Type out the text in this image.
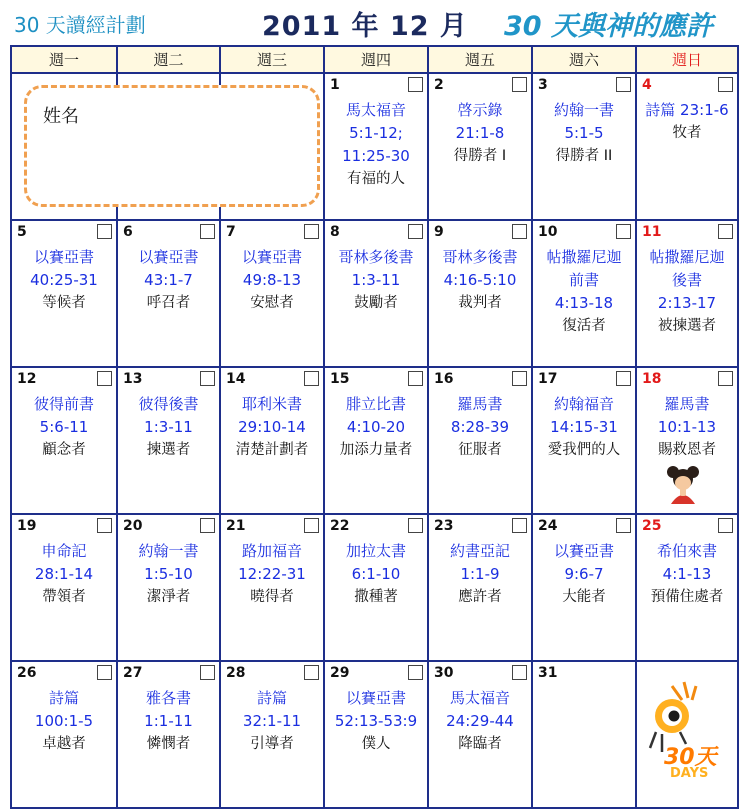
30 天讀經計劃	2011 年 12 月 30 天與神的應許
週一	週二	週三	週四	週五	週六	週日

			1
馬太福音
5:1-12;
11:25-30
有福的人	2
啓示錄
21:1-8
得勝者 I	3
約翰一書
5:1-5
得勝者 II	4
詩篇 23:1-6
牧者

5
以賽亞書
40:25-31
等候者	6
以賽亞書
43:1-7
呼召者	7
以賽亞書
49:8-13
安慰者	8
哥林多後書
1:3-11
鼓勵者	9
哥林多後書
4:16-5:10
裁判者	10
帖撒羅尼迦
前書
4:13-18
復活者	11
帖撒羅尼迦
後書
2:13-17
被揀選者

12
彼得前書
5:6-11
顧念者	13
彼得後書
1:3-11
揀選者	14
耶利米書
29:10-14
清楚計劃者	15
腓立比書
4:10-20
加添力量者	16
羅馬書
8:28-39
征服者	17
約翰福音
14:15-31
愛我們的人	18
羅馬書
10:1-13
賜救恩者

19
申命記
28:1-14
帶領者	20
約翰一書
1:5-10
潔淨者	21
路加福音
12:22-31
曉得者	22
加拉太書
6:1-10
撒種著	23
約書亞記
1:1-9
應許者	24
以賽亞書
9:6-7
大能者	25
希伯來書
4:1-13
預備住處者

26
詩篇
100:1-5
卓越者	27
雅各書
1:1-11
憐憫者	28
詩篇
32:1-11
引導者	29
以賽亞書
52:13-53:9
僕人	30
馬太福音
24:29-44
降臨者	31	

姓名
30天
DAYS
